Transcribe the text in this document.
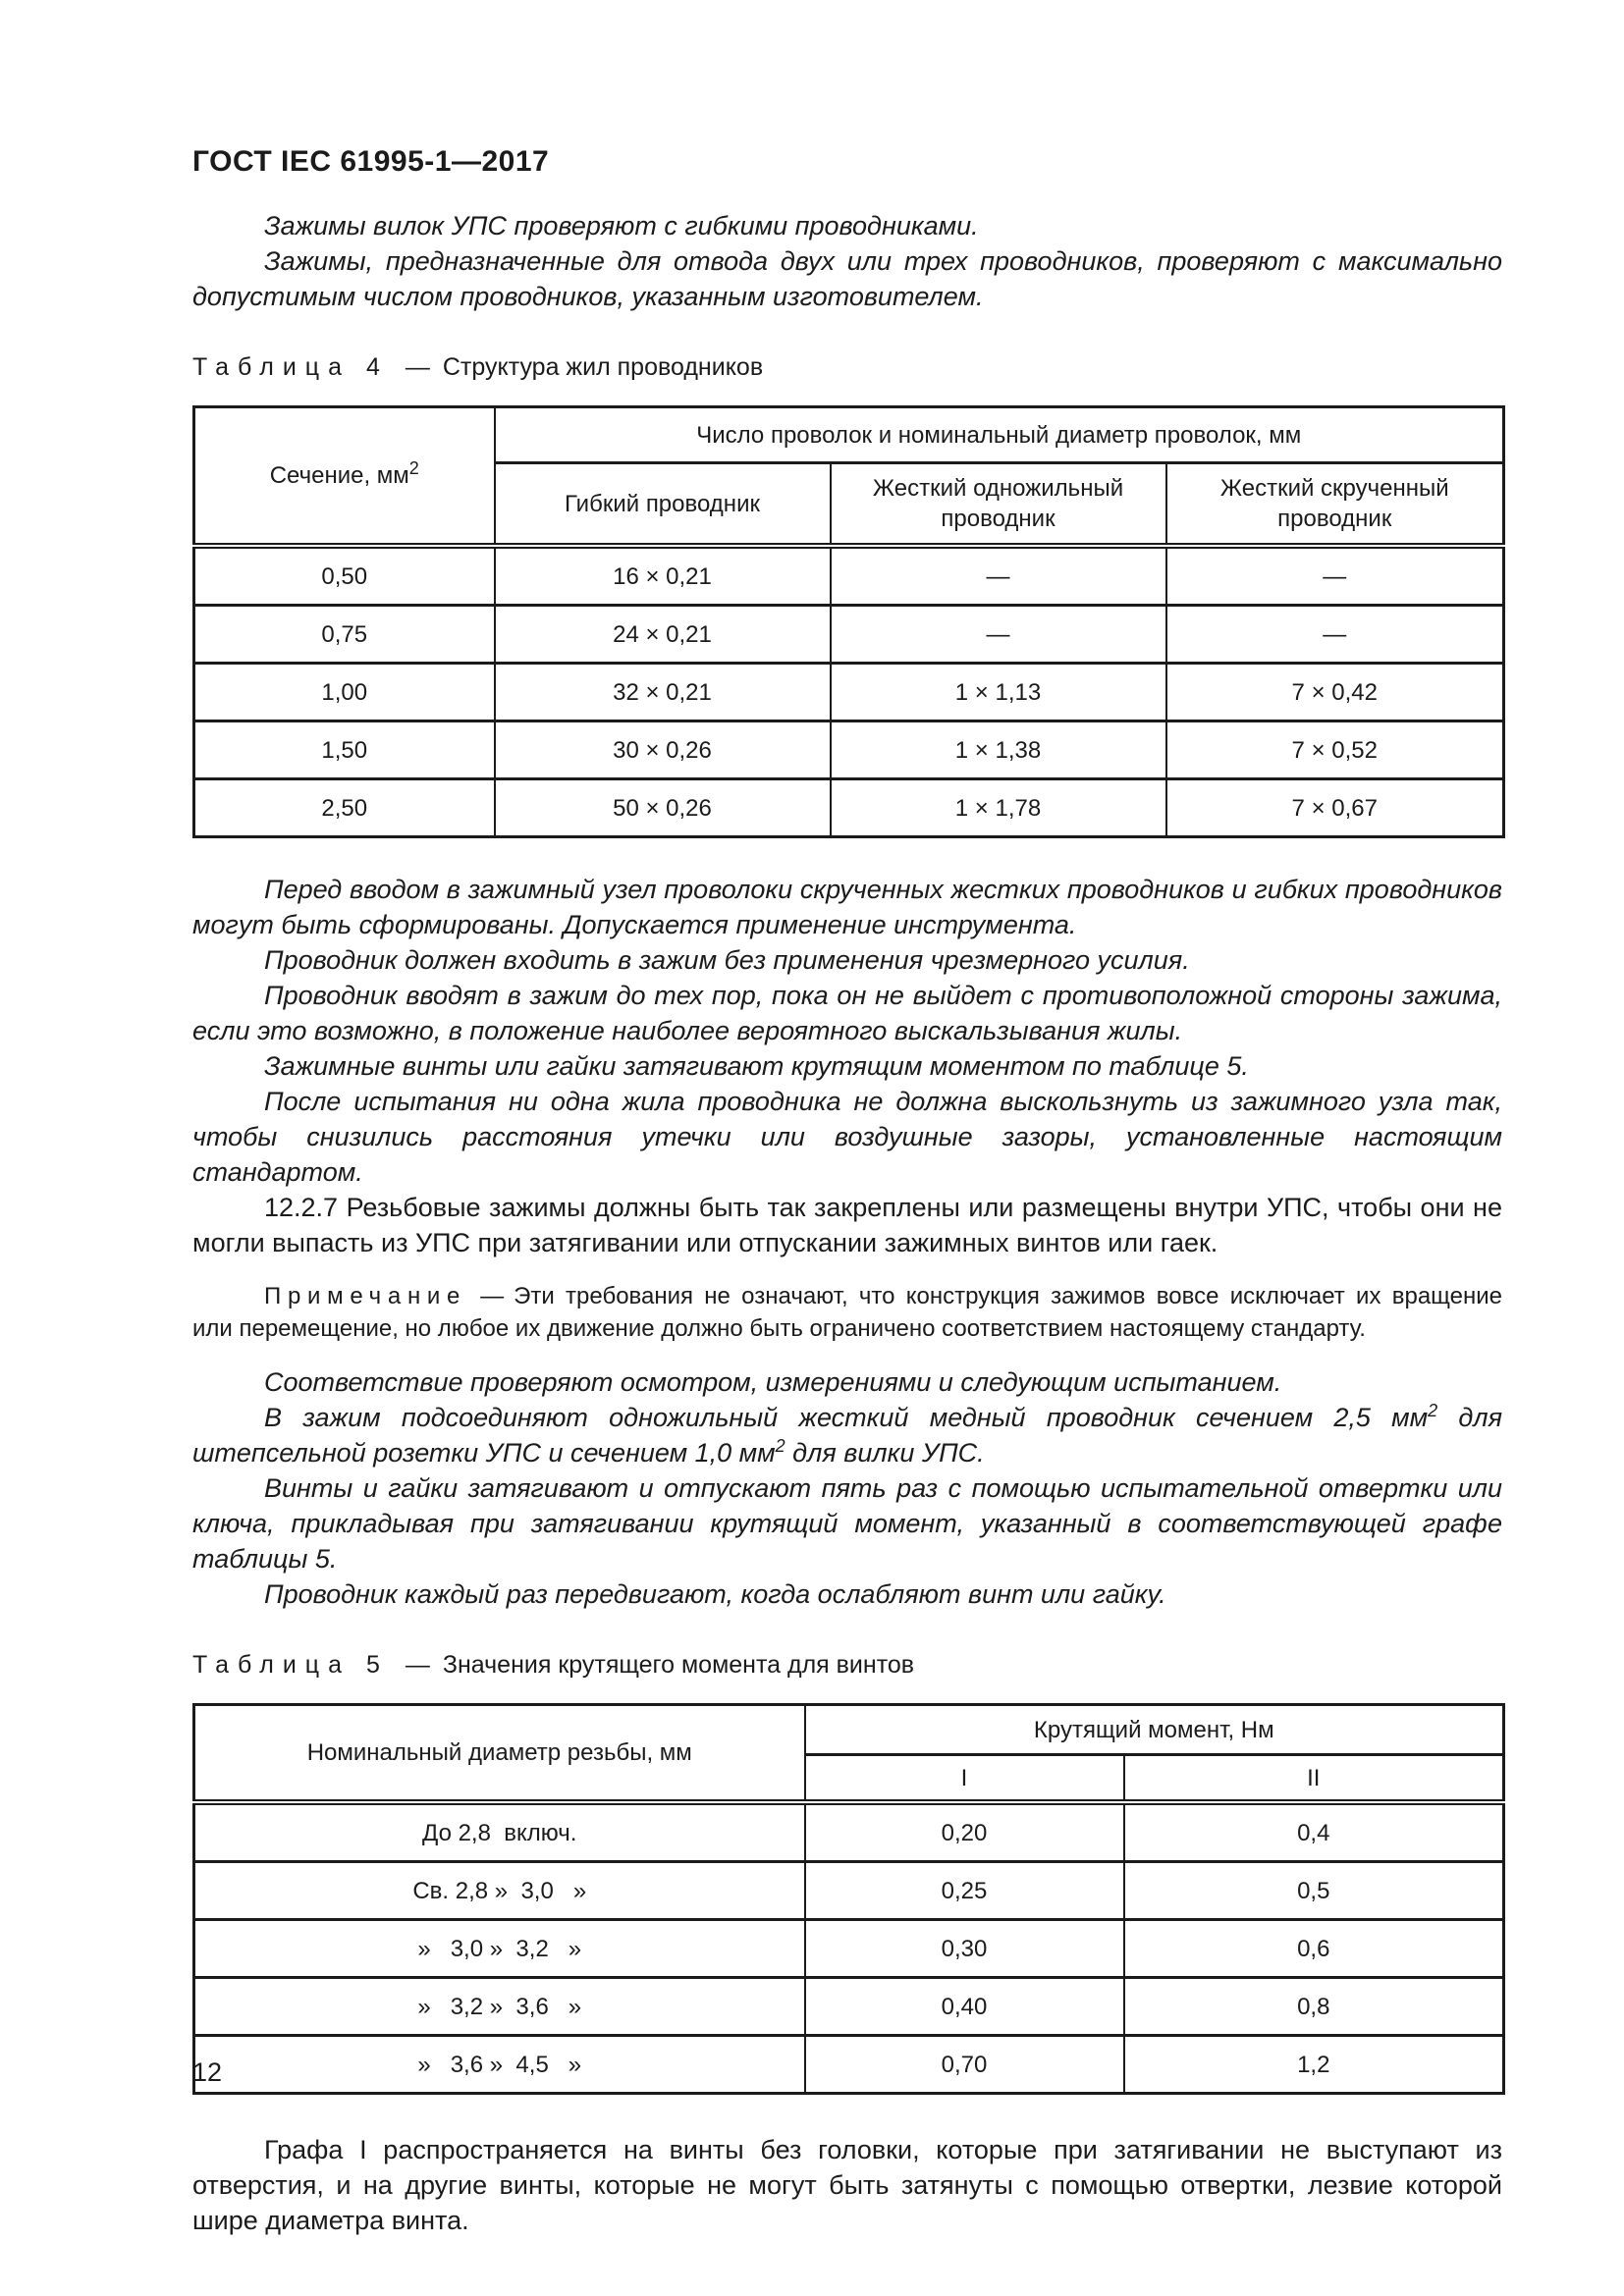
ГОСТ IEC 61995-1—2017

Зажимы вилок УПС проверяют с гибкими проводниками.

Зажимы, предназначенные для отвода двух или трех проводников, проверяют с максимально допустимым числом проводников, указанным изготовителем.

Таблица 4 — Структура жил проводников

Сечение, $мм^2$	Число проволок и номинальный диаметр проволок, мм		
	Гибкий проводник	Жесткий одножильный проводник	Жесткий скрученный проводник
0,50	16 × 0,21	—	—
0,75	24 × 0,21	—	—
1,00	32 × 0,21	1 × 1,13	7 × 0,42
1,50	30 × 0,26	1 × 1,38	7 × 0,52
2,50	50 × 0,26	1 × 1,78	7 × 0,67

Перед вводом в зажимный узел проволоки скрученных жестких проводников и гибких проводников могут быть сформированы. Допускается применение инструмента.

Проводник должен входить в зажим без применения чрезмерного усилия.

Проводник вводят в зажим до тех пор, пока он не выйдет с противоположной стороны зажима, если это возможно, в положение наиболее вероятного выскальзывания жилы.

Зажимные винты или гайки затягивают крутящим моментом по таблице 5.

После испытания ни одна жила проводника не должна выскользнуть из зажимного узла так, чтобы снизились расстояния утечки или воздушные зазоры, установленные настоящим стандартом.

12.2.7 Резьбовые зажимы должны быть так закреплены или размещены внутри УПС, чтобы они не могли выпасть из УПС при затягивании или отпускании зажимных винтов или гаек.

Примечание — Эти требования не означают, что конструкция зажимов вовсе исключает их вращение или перемещение, но любое их движение должно быть ограничено соответствием настоящему стандарту.

Соответствие проверяют осмотром, измерениями и следующим испытанием.

В зажим подсоединяют одножильный жесткий медный проводник сечением 2,5 $мм^2$ для штепсельной розетки УПС и сечением 1,0 $мм^2$ для вилки УПС.

Винты и гайки затягивают и отпускают пять раз с помощью испытательной отвертки или ключа, прикладывая при затягивании крутящий момент, указанный в соответствующей графе таблицы 5.

Проводник каждый раз передвигают, когда ослабляют винт или гайку.

Таблица 5 — Значения крутящего момента для винтов

Номинальный диаметр резьбы, мм	Крутящий момент, Нм	
	I	II
До 2,8  включ.	0,20	0,4
Св. 2,8 »  3,0   »	0,25	0,5
»   3,0 »  3,2   »	0,30	0,6
»   3,2 »  3,6   »	0,40	0,8
»   3,6 »  4,5   »	0,70	1,2

Графа I распространяется на винты без головки, которые при затягивании не выступают из отверстия, и на другие винты, которые не могут быть затянуты с помощью отвертки, лезвие которой шире диаметра винта.

12
